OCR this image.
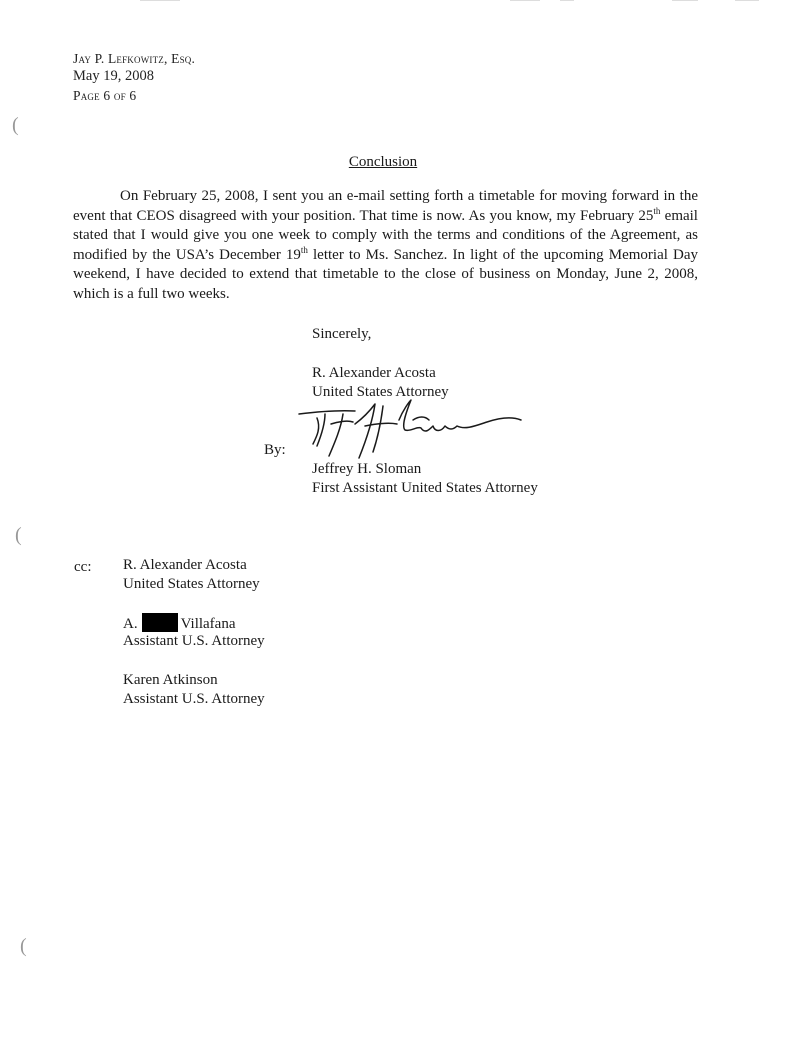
(
(
(
Jay P. Lefkowitz, Esq.
May 19, 2008
Page 6 of 6
Conclusion
On February 25, 2008, I sent you an e-mail setting forth a timetable for moving forward in the event that CEOS disagreed with your position. That time is now. As you know, my February 25th email stated that I would give you one week to comply with the terms and conditions of the Agreement, as modified by the USA’s December 19th letter to Ms. Sanchez. In light of the upcoming Memorial Day weekend, I have decided to extend that timetable to the close of business on Monday, June 2, 2008, which is a full two weeks.
Sincerely,
R. Alexander Acosta
United States Attorney
By:
Jeffrey H. Sloman
First Assistant United States Attorney
cc: R. Alexander Acosta
United States Attorney
A.	Villafana
Assistant U.S. Attorney
Karen Atkinson
Assistant U.S. Attorney
